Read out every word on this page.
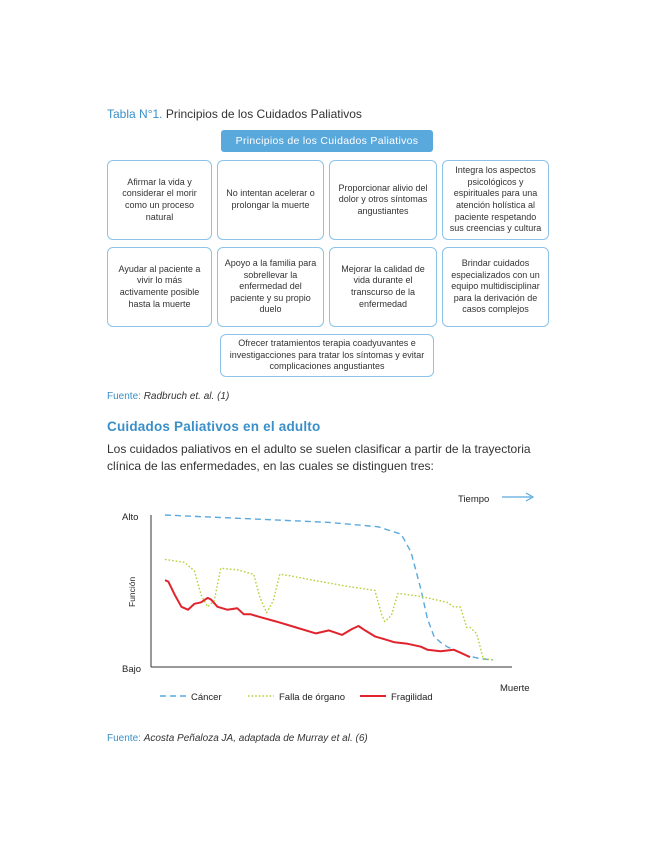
Tabla N°1. Principios de los Cuidados Paliativos
Principios de los Cuidados Paliativos
Afirmar la vida y considerar el morir como un proceso natural
No intentan acelerar o prolongar la muerte
Proporcionar alivio del dolor y otros síntomas angustiantes
Integra los aspectos psicológicos y espirituales para una atención holística al paciente respetando sus creencias y cultura
Ayudar al paciente a vivir lo más activamente posible hasta la muerte
Apoyo a la familia para sobrellevar la enfermedad del paciente y su propio duelo
Mejorar la calidad de vida durante el transcurso de la enfermedad
Brindar cuidados especializados con un equipo multidisciplinar para la derivación de casos complejos
Ofrecer tratamientos terapia coadyuvantes e investigacciones para tratar los síntomas y evitar complicaciones angustiantes
Fuente: Radbruch et. al. (1)
Cuidados Paliativos en el adulto
Los cuidados paliativos en el adulto se suelen clasificar a partir de la trayectoria clínica de las enfermedades, en las cuales se distinguen tres:
Alto
Bajo
Función
Tiempo
Muerte
Cáncer	Falla de órgano	Fragilidad
Fuente: Acosta Peñaloza JA, adaptada de Murray et al. (6)
